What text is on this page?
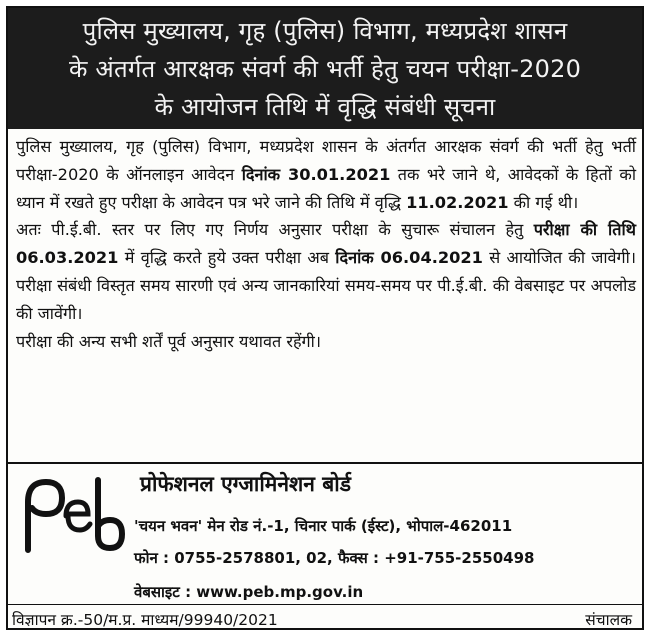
पुलिस मुख्यालय, गृह (पुलिस) विभाग, मध्यप्रदेश शासन
के अंतर्गत आरक्षक संवर्ग की भर्ती हेतु चयन परीक्षा-2020
के आयोजन तिथि में वृद्धि संबंधी सूचना

पुलिस मुख्यालय, गृह (पुलिस) विभाग, मध्यप्रदेश शासन के अंतर्गत आरक्षक संवर्ग की भर्ती हेतु भर्ती परीक्षा-2020 के ऑनलाइन आवेदन दिनांक 30.01.2021 तक भरे जाने थे, आवेदकों के हितों को ध्यान में रखते हुए परीक्षा के आवेदन पत्र भरे जाने की तिथि में वृद्धि 11.02.2021 की गई थी।

अतः पी.ई.बी. स्तर पर लिए गए निर्णय अनुसार परीक्षा के सुचारू संचालन हेतु परीक्षा की तिथि 06.03.2021 में वृद्धि करते हुये उक्त परीक्षा अब दिनांक 06.04.2021 से आयोजित की जावेगी। परीक्षा संबंधी विस्तृत समय सारणी एवं अन्य जानकारियां समय-समय पर पी.ई.बी. की वेबसाइट पर अपलोड की जावेंगी।

परीक्षा की अन्य सभी शर्तें पूर्व अनुसार यथावत रहेंगी।

प्रोफेशनल एग्जामिनेशन बोर्ड
'चयन भवन' मेन रोड नं.-1, चिनार पार्क (ईस्ट), भोपाल-462011
फोन : 0755-2578801, 02, फैक्स : +91-755-2550498
वेबसाइट : www.peb.mp.gov.in
विज्ञापन क्र.-50/म.प्र. माध्यम/99940/2021	संचालक
